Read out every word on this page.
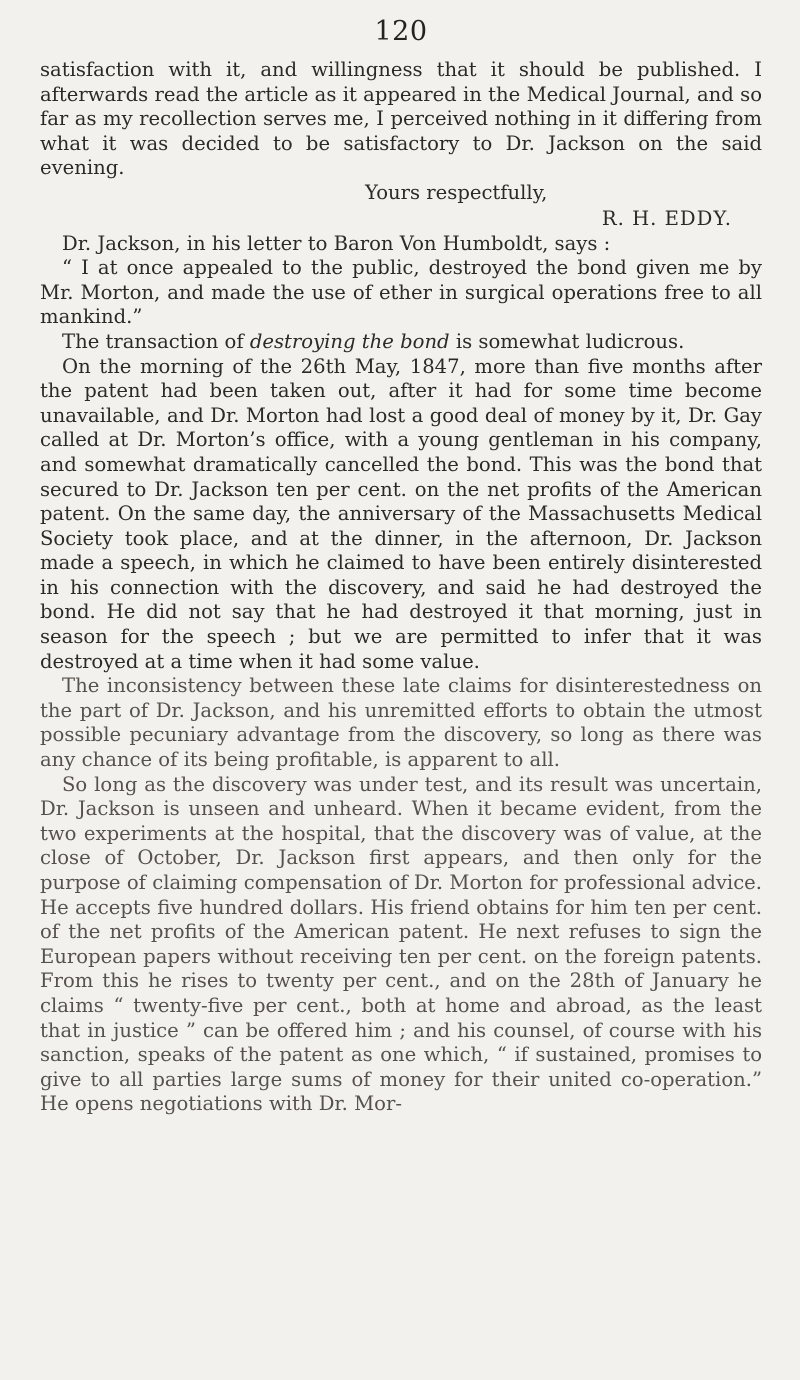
120

satisfaction with it, and willingness that it should be published. I afterwards read the article as it appeared in the Medical Journal, and so far as my recollection serves me, I perceived nothing in it differing from what it was decided to be satisfactory to Dr. Jackson on the said evening.

Yours respectfully,

R. H. EDDY.

Dr. Jackson, in his letter to Baron Von Humboldt, says :

“ I at once appealed to the public, destroyed the bond given me by Mr. Morton, and made the use of ether in surgical operations free to all mankind.”

The transaction of destroying the bond is somewhat ludicrous.

On the morning of the 26th May, 1847, more than five months after the patent had been taken out, after it had for some time become unavailable, and Dr. Morton had lost a good deal of money by it, Dr. Gay called at Dr. Morton’s office, with a young gentleman in his company, and somewhat dramatically cancelled the bond. This was the bond that secured to Dr. Jackson ten per cent. on the net profits of the American patent. On the same day, the anniversary of the Massachusetts Medical Society took place, and at the dinner, in the afternoon, Dr. Jackson made a speech, in which he claimed to have been entirely disinterested in his connection with the discovery, and said he had destroyed the bond. He did not say that he had destroyed it that morning, just in season for the speech ; but we are permitted to infer that it was destroyed at a time when it had some value.

The inconsistency between these late claims for disinterestedness on the part of Dr. Jackson, and his unremitted efforts to obtain the utmost possible pecuniary advantage from the discovery, so long as there was any chance of its being profitable, is apparent to all.

So long as the discovery was under test, and its result was uncertain, Dr. Jackson is unseen and unheard. When it became evident, from the two experiments at the hospital, that the discovery was of value, at the close of October, Dr. Jackson first appears, and then only for the purpose of claiming compensation of Dr. Morton for professional advice. He accepts five hundred dollars. His friend obtains for him ten per cent. of the net profits of the American patent. He next refuses to sign the European papers without receiving ten per cent. on the foreign patents. From this he rises to twenty per cent., and on the 28th of January he claims “ twenty-five per cent., both at home and abroad, as the least that in justice ” can be offered him ; and his counsel, of course with his sanction, speaks of the patent as one which, “ if sustained, promises to give to all parties large sums of money for their united co-operation.” He opens negotiations with Dr. Mor-
